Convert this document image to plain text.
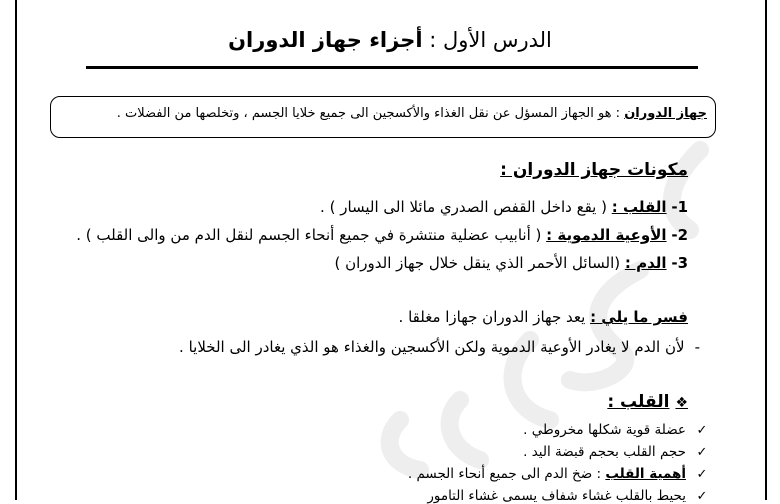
الدرس الأول : أجزاء جهاز الدوران
جهاز الدوران : هو الجهاز المسؤل عن نقل الغذاء والأكسجين الى جميع خلايا الجسم ، وتخلصها من الفضلات .
مكونات جهاز الدوران :
1- القلب : ( يقع داخل القفص الصدري مائلا الى اليسار ) .
2- الأوعية الدموية : ( أنابيب عضلية منتشرة في جميع أنحاء الجسم لنقل الدم من والى القلب ) .
3- الدم : (السائل الأحمر الذي ينقل خلال جهاز الدوران )
فسر ما يلي : يعد جهاز الدوران جهازا مغلقا .
-لأن الدم لا يغادر الأوعية الدموية ولكن الأكسجين والغذاء هو الذي يغادر الى الخلايا .
❖القلب :
✓عضلة قوية شكلها مخروطي .
✓حجم القلب بحجم قبضة اليد .
✓أهمية القلب : ضخ الدم الى جميع أنحاء الجسم .
✓يحيط بالقلب غشاء شفاف يسمى غشاء التامور
